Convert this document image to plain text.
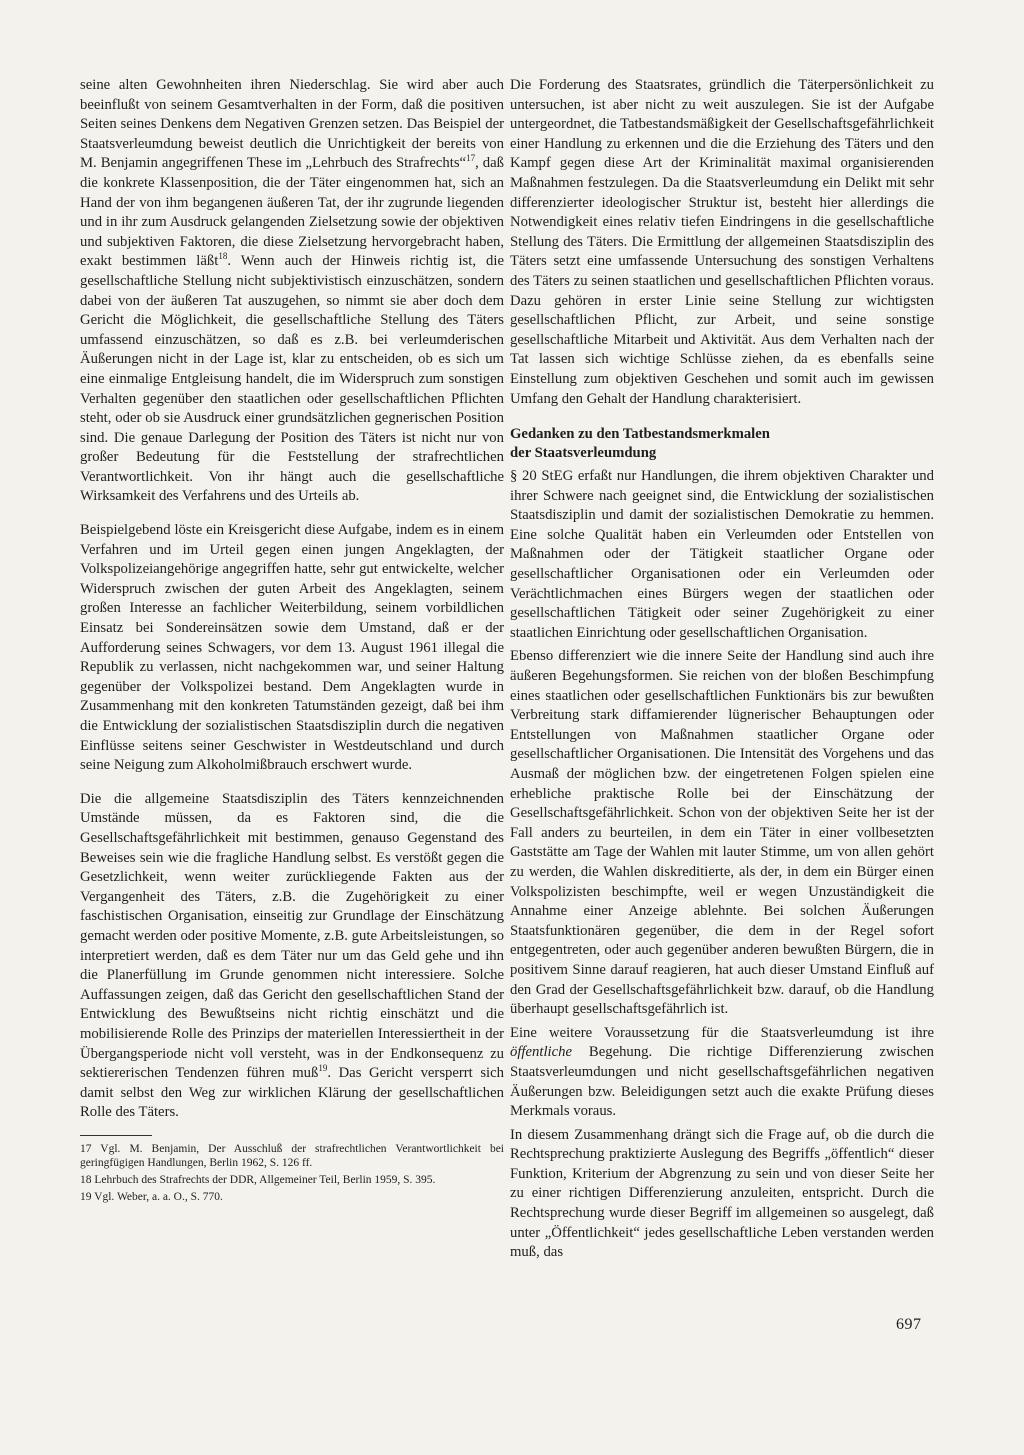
seine alten Gewohnheiten ihren Niederschlag. Sie wird aber auch beeinflußt von seinem Gesamtverhalten in der Form, daß die positiven Seiten seines Denkens dem Negativen Grenzen setzen. Das Beispiel der Staatsverleumdung beweist deutlich die Unrichtigkeit der bereits von M. Benjamin angegriffenen These im „Lehrbuch des Strafrechts“$^{17}$, daß die konkrete Klassenposition, die der Täter eingenommen hat, sich an Hand der von ihm begangenen äußeren Tat, der ihr zugrunde liegenden und in ihr zum Ausdruck gelangenden Zielsetzung sowie der objektiven und subjektiven Faktoren, die diese Zielsetzung hervorgebracht haben, exakt bestimmen läßt$^{18}$. Wenn auch der Hinweis richtig ist, die gesellschaftliche Stellung nicht subjektivistisch einzuschätzen, sondern dabei von der äußeren Tat auszugehen, so nimmt sie aber doch dem Gericht die Möglichkeit, die gesellschaftliche Stellung des Täters umfassend einzuschätzen, so daß es z.B. bei verleumderischen Äußerungen nicht in der Lage ist, klar zu entscheiden, ob es sich um eine einmalige Entgleisung handelt, die im Widerspruch zum sonstigen Verhalten gegenüber den staatlichen oder gesellschaftlichen Pflichten steht, oder ob sie Ausdruck einer grundsätzlichen gegnerischen Position sind. Die genaue Darlegung der Position des Täters ist nicht nur von großer Bedeutung für die Feststellung der strafrechtlichen Verantwortlichkeit. Von ihr hängt auch die gesellschaftliche Wirksamkeit des Verfahrens und des Urteils ab.

Beispielgebend löste ein Kreisgericht diese Aufgabe, indem es in einem Verfahren und im Urteil gegen einen jungen Angeklagten, der Volkspolizeiangehörige angegriffen hatte, sehr gut entwickelte, welcher Widerspruch zwischen der guten Arbeit des Angeklagten, seinem großen Interesse an fachlicher Weiterbildung, seinem vorbildlichen Einsatz bei Sondereinsätzen sowie dem Umstand, daß er der Aufforderung seines Schwagers, vor dem 13. August 1961 illegal die Republik zu verlassen, nicht nachgekommen war, und seiner Haltung gegenüber der Volkspolizei bestand. Dem Angeklagten wurde in Zusammenhang mit den konkreten Tatumständen gezeigt, daß bei ihm die Entwicklung der sozialistischen Staatsdisziplin durch die negativen Einflüsse seitens seiner Geschwister in Westdeutschland und durch seine Neigung zum Alkoholmißbrauch erschwert wurde.

Die die allgemeine Staatsdisziplin des Täters kennzeichnenden Umstände müssen, da es Faktoren sind, die die Gesellschaftsgefährlichkeit mit bestimmen, genauso Gegenstand des Beweises sein wie die fragliche Handlung selbst. Es verstößt gegen die Gesetzlichkeit, wenn weiter zurückliegende Fakten aus der Vergangenheit des Täters, z.B. die Zugehörigkeit zu einer faschistischen Organisation, einseitig zur Grundlage der Einschätzung gemacht werden oder positive Momente, z.B. gute Arbeitsleistungen, so interpretiert werden, daß es dem Täter nur um das Geld gehe und ihn die Planerfüllung im Grunde genommen nicht interessiere. Solche Auffassungen zeigen, daß das Gericht den gesellschaftlichen Stand der Entwicklung des Bewußtseins nicht richtig einschätzt und die mobilisierende Rolle des Prinzips der materiellen Interessiertheit in der Übergangsperiode nicht voll versteht, was in der Endkonsequenz zu sektiererischen Tendenzen führen muß$^{19}$. Das Gericht versperrt sich damit selbst den Weg zur wirklichen Klärung der gesellschaftlichen Rolle des Täters.

17 Vgl. M. Benjamin, Der Ausschluß der strafrechtlichen Verantwortlichkeit bei geringfügigen Handlungen, Berlin 1962, S. 126 ff.

18 Lehrbuch des Strafrechts der DDR, Allgemeiner Teil, Berlin 1959, S. 395.

19 Vgl. Weber, a. a. O., S. 770.

Die Forderung des Staatsrates, gründlich die Täterpersönlichkeit zu untersuchen, ist aber nicht zu weit auszulegen. Sie ist der Aufgabe untergeordnet, die Tatbestandsmäßigkeit der Gesellschaftsgefährlichkeit einer Handlung zu erkennen und die die Erziehung des Täters und den Kampf gegen diese Art der Kriminalität maximal organisierenden Maßnahmen festzulegen. Da die Staatsverleumdung ein Delikt mit sehr differenzierter ideologischer Struktur ist, besteht hier allerdings die Notwendigkeit eines relativ tiefen Eindringens in die gesellschaftliche Stellung des Täters. Die Ermittlung der allgemeinen Staatsdisziplin des Täters setzt eine umfassende Untersuchung des sonstigen Verhaltens des Täters zu seinen staatlichen und gesellschaftlichen Pflichten voraus. Dazu gehören in erster Linie seine Stellung zur wichtigsten gesellschaftlichen Pflicht, zur Arbeit, und seine sonstige gesellschaftliche Mitarbeit und Aktivität. Aus dem Verhalten nach der Tat lassen sich wichtige Schlüsse ziehen, da es ebenfalls seine Einstellung zum objektiven Geschehen und somit auch im gewissen Umfang den Gehalt der Handlung charakterisiert.

Gedanken zu den Tatbestandsmerkmalen
der Staatsverleumdung

§ 20 StEG erfaßt nur Handlungen, die ihrem objektiven Charakter und ihrer Schwere nach geeignet sind, die Entwicklung der sozialistischen Staatsdisziplin und damit der sozialistischen Demokratie zu hemmen. Eine solche Qualität haben ein Verleumden oder Entstellen von Maßnahmen oder der Tätigkeit staatlicher Organe oder gesellschaftlicher Organisationen oder ein Verleumden oder Verächtlichmachen eines Bürgers wegen der staatlichen oder gesellschaftlichen Tätigkeit oder seiner Zugehörigkeit zu einer staatlichen Einrichtung oder gesellschaftlichen Organisation.

Ebenso differenziert wie die innere Seite der Handlung sind auch ihre äußeren Begehungsformen. Sie reichen von der bloßen Beschimpfung eines staatlichen oder gesellschaftlichen Funktionärs bis zur bewußten Verbreitung stark diffamierender lügnerischer Behauptungen oder Entstellungen von Maßnahmen staatlicher Organe oder gesellschaftlicher Organisationen. Die Intensität des Vorgehens und das Ausmaß der möglichen bzw. der eingetretenen Folgen spielen eine erhebliche praktische Rolle bei der Einschätzung der Gesellschaftsgefährlichkeit. Schon von der objektiven Seite her ist der Fall anders zu beurteilen, in dem ein Täter in einer vollbesetzten Gaststätte am Tage der Wahlen mit lauter Stimme, um von allen gehört zu werden, die Wahlen diskreditierte, als der, in dem ein Bürger einen Volkspolizisten beschimpfte, weil er wegen Unzuständigkeit die Annahme einer Anzeige ablehnte. Bei solchen Äußerungen Staatsfunktionären gegenüber, die dem in der Regel sofort entgegentreten, oder auch gegenüber anderen bewußten Bürgern, die in positivem Sinne darauf reagieren, hat auch dieser Umstand Einfluß auf den Grad der Gesellschaftsgefährlichkeit bzw. darauf, ob die Handlung überhaupt gesellschaftsgefährlich ist.

Eine weitere Voraussetzung für die Staatsverleumdung ist ihre öffentliche Begehung. Die richtige Differenzierung zwischen Staatsverleumdungen und nicht gesellschaftsgefährlichen negativen Äußerungen bzw. Beleidigungen setzt auch die exakte Prüfung dieses Merkmals voraus.

In diesem Zusammenhang drängt sich die Frage auf, ob die durch die Rechtsprechung praktizierte Auslegung des Begriffs „öffentlich“ dieser Funktion, Kriterium der Abgrenzung zu sein und von dieser Seite her zu einer richtigen Differenzierung anzuleiten, entspricht. Durch die Rechtsprechung wurde dieser Begriff im allgemeinen so ausgelegt, daß unter „Öffentlichkeit“ jedes gesellschaftliche Leben verstanden werden muß, das

697
